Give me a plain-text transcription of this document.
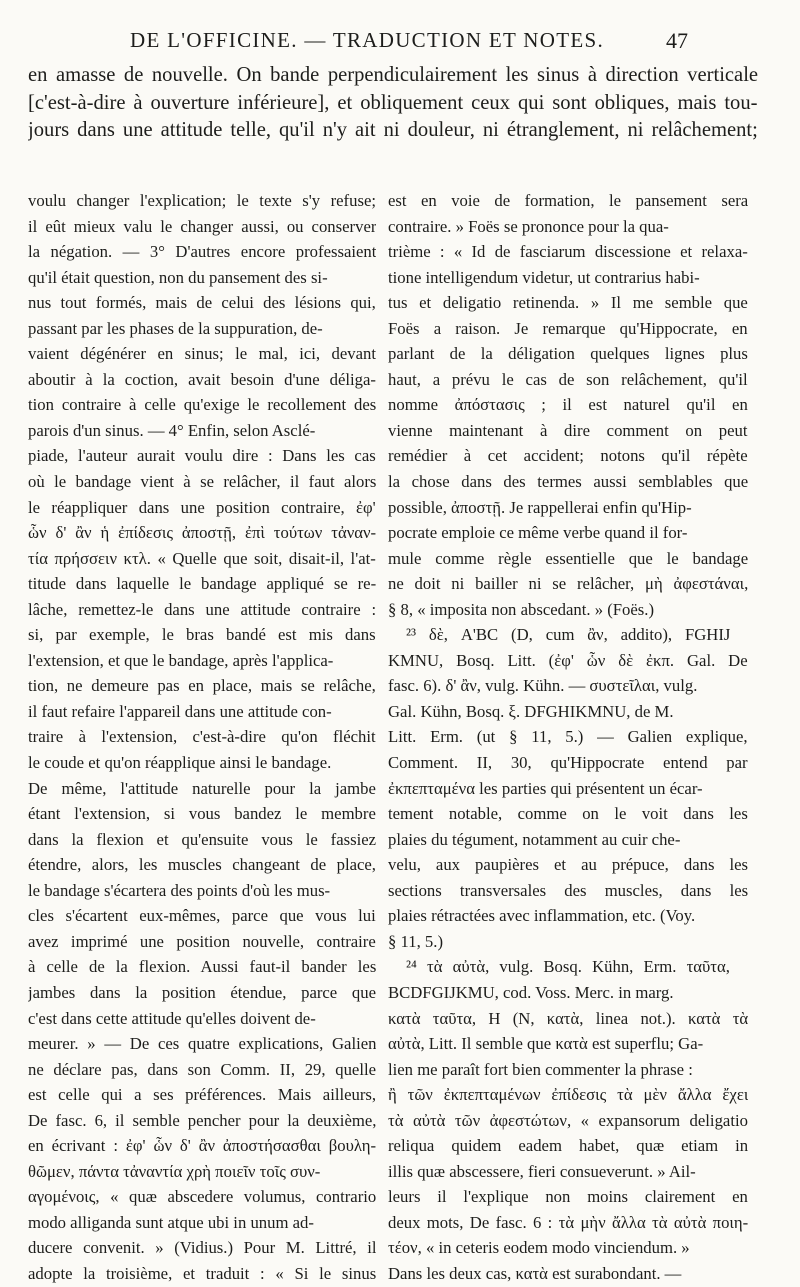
DE L'OFFICINE. — TRADUCTION ET NOTES.	47
en amasse de nouvelle. On bande perpendiculairement les sinus à direction verticale
[c'est-à-dire à ouverture inférieure], et obliquement ceux qui sont obliques, mais tou-
jours dans une attitude telle, qu'il n'y ait ni douleur, ni étranglement, ni relâchement;
voulu changer l'explication; le texte s'y refuse;
il eût mieux valu le changer aussi, ou conserver
la négation. — 3° D'autres encore professaient
qu'il était question, non du pansement des si-
nus tout formés, mais de celui des lésions qui,
passant par les phases de la suppuration, de-
vaient dégénérer en sinus; le mal, ici, devant
aboutir à la coction, avait besoin d'une déliga-
tion contraire à celle qu'exige le recollement des
parois d'un sinus. — 4° Enfin, selon Asclé-
piade, l'auteur aurait voulu dire : Dans les cas
où le bandage vient à se relâcher, il faut alors
le réappliquer dans une position contraire, ἐφ'
ὧν δ' ἂν ἡ ἐπίδεσις ἀποστῇ, ἐπὶ τούτων τἀναν-
τία πρήσσειν κτλ. « Quelle que soit, disait-il, l'at-
titude dans laquelle le bandage appliqué se re-
lâche, remettez-le dans une attitude contraire :
si, par exemple, le bras bandé est mis dans
l'extension, et que le bandage, après l'applica-
tion, ne demeure pas en place, mais se relâche,
il faut refaire l'appareil dans une attitude con-
traire à l'extension, c'est-à-dire qu'on fléchit
le coude et qu'on réapplique ainsi le bandage.
De même, l'attitude naturelle pour la jambe
étant l'extension, si vous bandez le membre
dans la flexion et qu'ensuite vous le fassiez
étendre, alors, les muscles changeant de place,
le bandage s'écartera des points d'où les mus-
cles s'écartent eux-mêmes, parce que vous lui
avez imprimé une position nouvelle, contraire
à celle de la flexion. Aussi faut-il bander les
jambes dans la position étendue, parce que
c'est dans cette attitude qu'elles doivent de-
meurer. » — De ces quatre explications, Galien
ne déclare pas, dans son Comm. II, 29, quelle
est celle qui a ses préférences. Mais ailleurs,
De fasc. 6, il semble pencher pour la deuxième,
en écrivant : ἐφ' ὧν δ' ἂν ἀποστήσασθαι βουλη-
θῶμεν, πάντα τἀναντία χρὴ ποιεῖν τοῖς συν-
αγομένοις, « quæ abscedere volumus, contrario
modo alliganda sunt atque ubi in unum ad-
ducere convenit. » (Vidius.) Pour M. Littré, il
adopte la troisième, et traduit : « Si le sinus
est en voie de formation, le pansement sera
contraire. » Foës se prononce pour la qua-
trième : « Id de fasciarum discessione et relaxa-
tione intelligendum videtur, ut contrarius habi-
tus et deligatio retinenda. » Il me semble que
Foës a raison. Je remarque qu'Hippocrate, en
parlant de la déligation quelques lignes plus
haut, a prévu le cas de son relâchement, qu'il
nomme ἀπόστασις ; il est naturel qu'il en
vienne maintenant à dire comment on peut
remédier à cet accident; notons qu'il répète
la chose dans des termes aussi semblables que
possible, ἀποστῇ. Je rappellerai enfin qu'Hip-
pocrate emploie ce même verbe quand il for-
mule comme règle essentielle que le bandage
ne doit ni bailler ni se relâcher, μὴ ἀφεστάναι,
§ 8, « imposita non abscedant. » (Foës.)
²³ δὲ, A'BC (D, cum ἂν, addito), FGHIJ
KMNU, Bosq. Litt. (ἐφ' ὧν δὲ ἐκπ. Gal. De
fasc. 6). δ' ἂν, vulg. Kühn. — συστεῖλαι, vulg.
Gal. Kühn, Bosq. ξ. DFGHIKMNU, de M.
Litt. Erm. (ut § 11, 5.) — Galien explique,
Comment. II, 30, qu'Hippocrate entend par
ἐκπεπταμένα les parties qui présentent un écar-
tement notable, comme on le voit dans les
plaies du tégument, notamment au cuir che-
velu, aux paupières et au prépuce, dans les
sections transversales des muscles, dans les
plaies rétractées avec inflammation, etc. (Voy.
§ 11, 5.)
²⁴ τὰ αὐτὰ, vulg. Bosq. Kühn, Erm. ταῦτα,
BCDFGIJKMU, cod. Voss. Merc. in marg.
κατὰ ταῦτα, H (N, κατὰ, linea not.). κατὰ τὰ
αὐτὰ, Litt. Il semble que κατὰ est superflu; Ga-
lien me paraît fort bien commenter la phrase :
ἢ τῶν ἐκπεπταμένων ἐπίδεσις τὰ μὲν ἄλλα ἔχει
τὰ αὐτὰ τῶν ἀφεστώτων, « expansorum deligatio
reliqua quidem eadem habet, quæ etiam in
illis quæ abscessere, fieri consueverunt. » Ail-
leurs il l'explique non moins clairement en
deux mots, De fasc. 6 : τὰ μὴν ἄλλα τὰ αὐτὰ ποιη-
τέον, « in ceteris eodem modo vinciendum. »
Dans les deux cas, κατὰ est surabondant. —
